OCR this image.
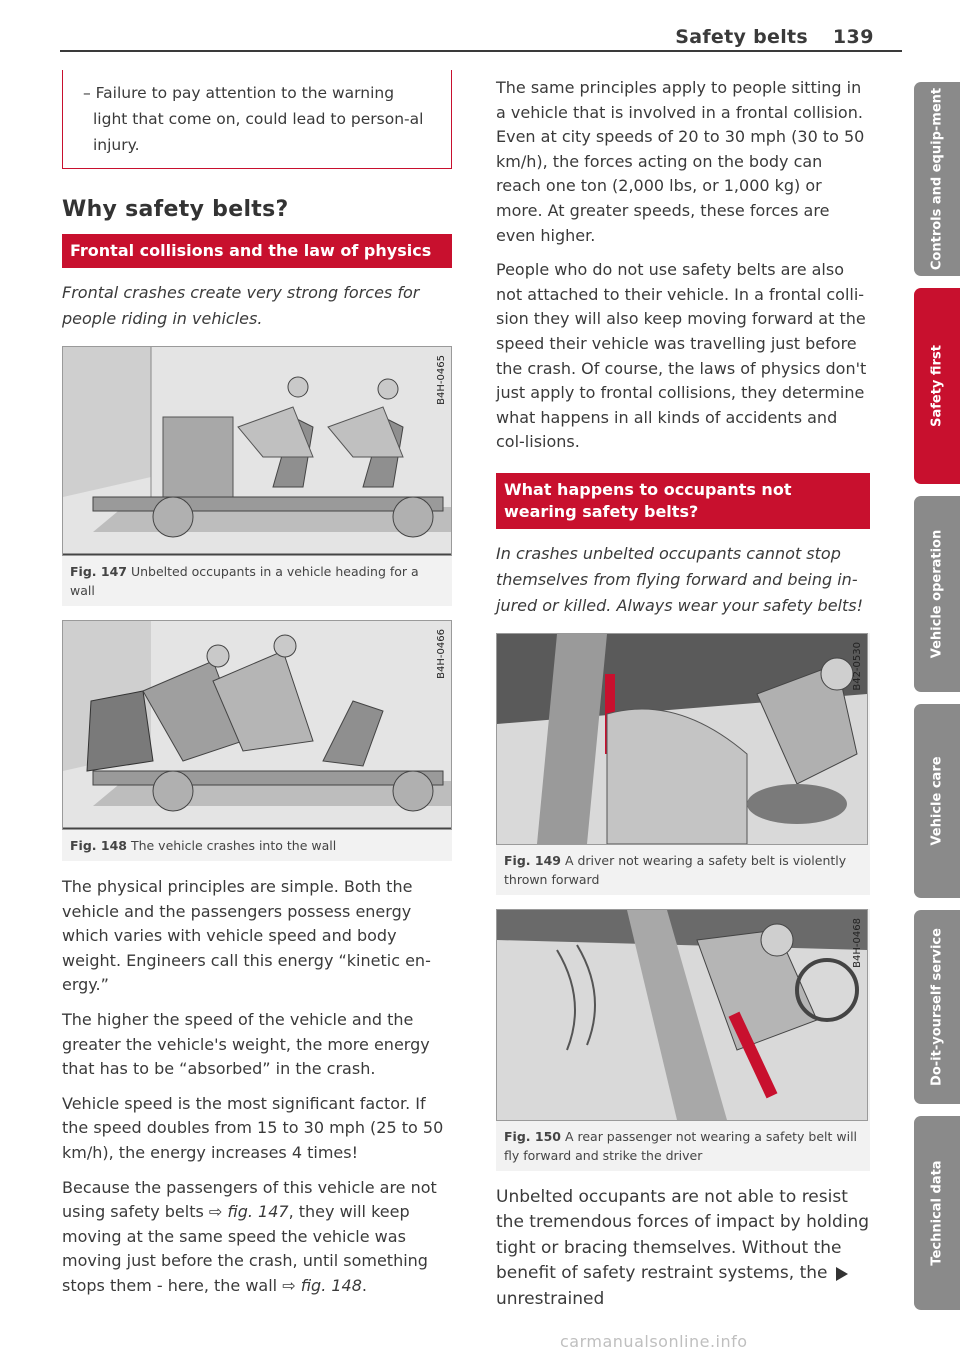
Safety belts 139

– Failure to pay attention to the warning light that come on, could lead to person-al injury.

Why safety belts?
Frontal collisions and the law of physics

Frontal crashes create very strong forces for people riding in vehicles.

B4H-0465
Fig. 147 Unbelted occupants in a vehicle heading for a wall
B4H-0466
Fig. 148 The vehicle crashes into the wall

The physical principles are simple. Both the vehicle and the passengers possess energy which varies with vehicle speed and body weight. Engineers call this energy “kinetic en-ergy.”

The higher the speed of the vehicle and the greater the vehicle's weight, the more energy that has to be “absorbed” in the crash.

Vehicle speed is the most significant factor. If the speed doubles from 15 to 30 mph (25 to 50 km/h), the energy increases 4 times!

Because the passengers of this vehicle are not using safety belts ⇨ fig. 147, they will keep moving at the same speed the vehicle was moving just before the crash, until something stops them - here, the wall ⇨ fig. 148.

The same principles apply to people sitting in a vehicle that is involved in a frontal collision. Even at city speeds of 20 to 30 mph (30 to 50 km/h), the forces acting on the body can reach one ton (2,000 lbs, or 1,000 kg) or more. At greater speeds, these forces are even higher.

People who do not use safety belts are also not attached to their vehicle. In a frontal colli-sion they will also keep moving forward at the speed their vehicle was travelling just before the crash. Of course, the laws of physics don't just apply to frontal collisions, they determine what happens in all kinds of accidents and col-lisions.

What happens to occupants not wearing safety belts?

In crashes unbelted occupants cannot stop themselves from flying forward and being in-jured or killed. Always wear your safety belts!

B42-0530
Fig. 149 A driver not wearing a safety belt is violently thrown forward
B4H-0468
Fig. 150 A rear passenger not wearing a safety belt will fly forward and strike the driver

Unbelted occupants are not able to resist the tremendous forces of impact by holding tight or bracing themselves. Without the benefit of safety restraint systems, the unrestrained

Controls and equip-ment
Safety first
Vehicle operation
Vehicle care
Do-it-yourself service
Technical data
carmanualsonline.info
